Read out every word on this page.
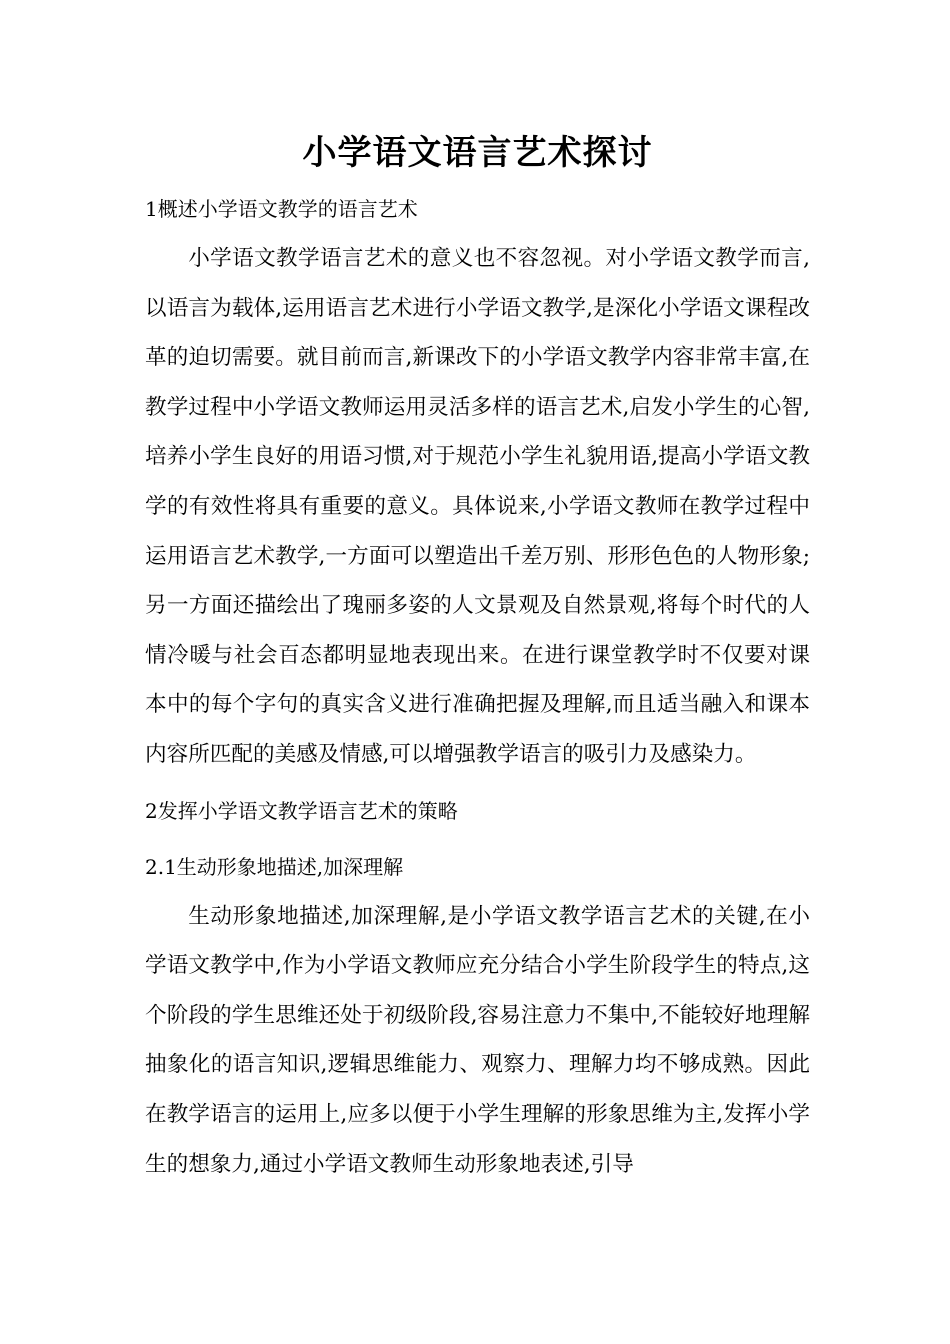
小学语文语言艺术探讨
1概述小学语文教学的语言艺术

小学语文教学语言艺术的意义也不容忽视。对小学语文教学而言,以语言为载体,运用语言艺术进行小学语文教学,是深化小学语文课程改革的迫切需要。就目前而言,新课改下的小学语文教学内容非常丰富,在教学过程中小学语文教师运用灵活多样的语言艺术,启发小学生的心智,培养小学生良好的用语习惯,对于规范小学生礼貌用语,提高小学语文教学的有效性将具有重要的意义。具体说来,小学语文教师在教学过程中运用语言艺术教学,一方面可以塑造出千差万别、形形色色的人物形象;另一方面还描绘出了瑰丽多姿的人文景观及自然景观,将每个时代的人情冷暖与社会百态都明显地表现出来。在进行课堂教学时不仅要对课本中的每个字句的真实含义进行准确把握及理解,而且适当融入和课本内容所匹配的美感及情感,可以增强教学语言的吸引力及感染力。

2发挥小学语文教学语言艺术的策略
2.1生动形象地描述,加深理解

生动形象地描述,加深理解,是小学语文教学语言艺术的关键,在小学语文教学中,作为小学语文教师应充分结合小学生阶段学生的特点,这个阶段的学生思维还处于初级阶段,容易注意力不集中,不能较好地理解抽象化的语言知识,逻辑思维能力、观察力、理解力均不够成熟。因此在教学语言的运用上,应多以便于小学生理解的形象思维为主,发挥小学生的想象力,通过小学语文教师生动形象地表述,引导
